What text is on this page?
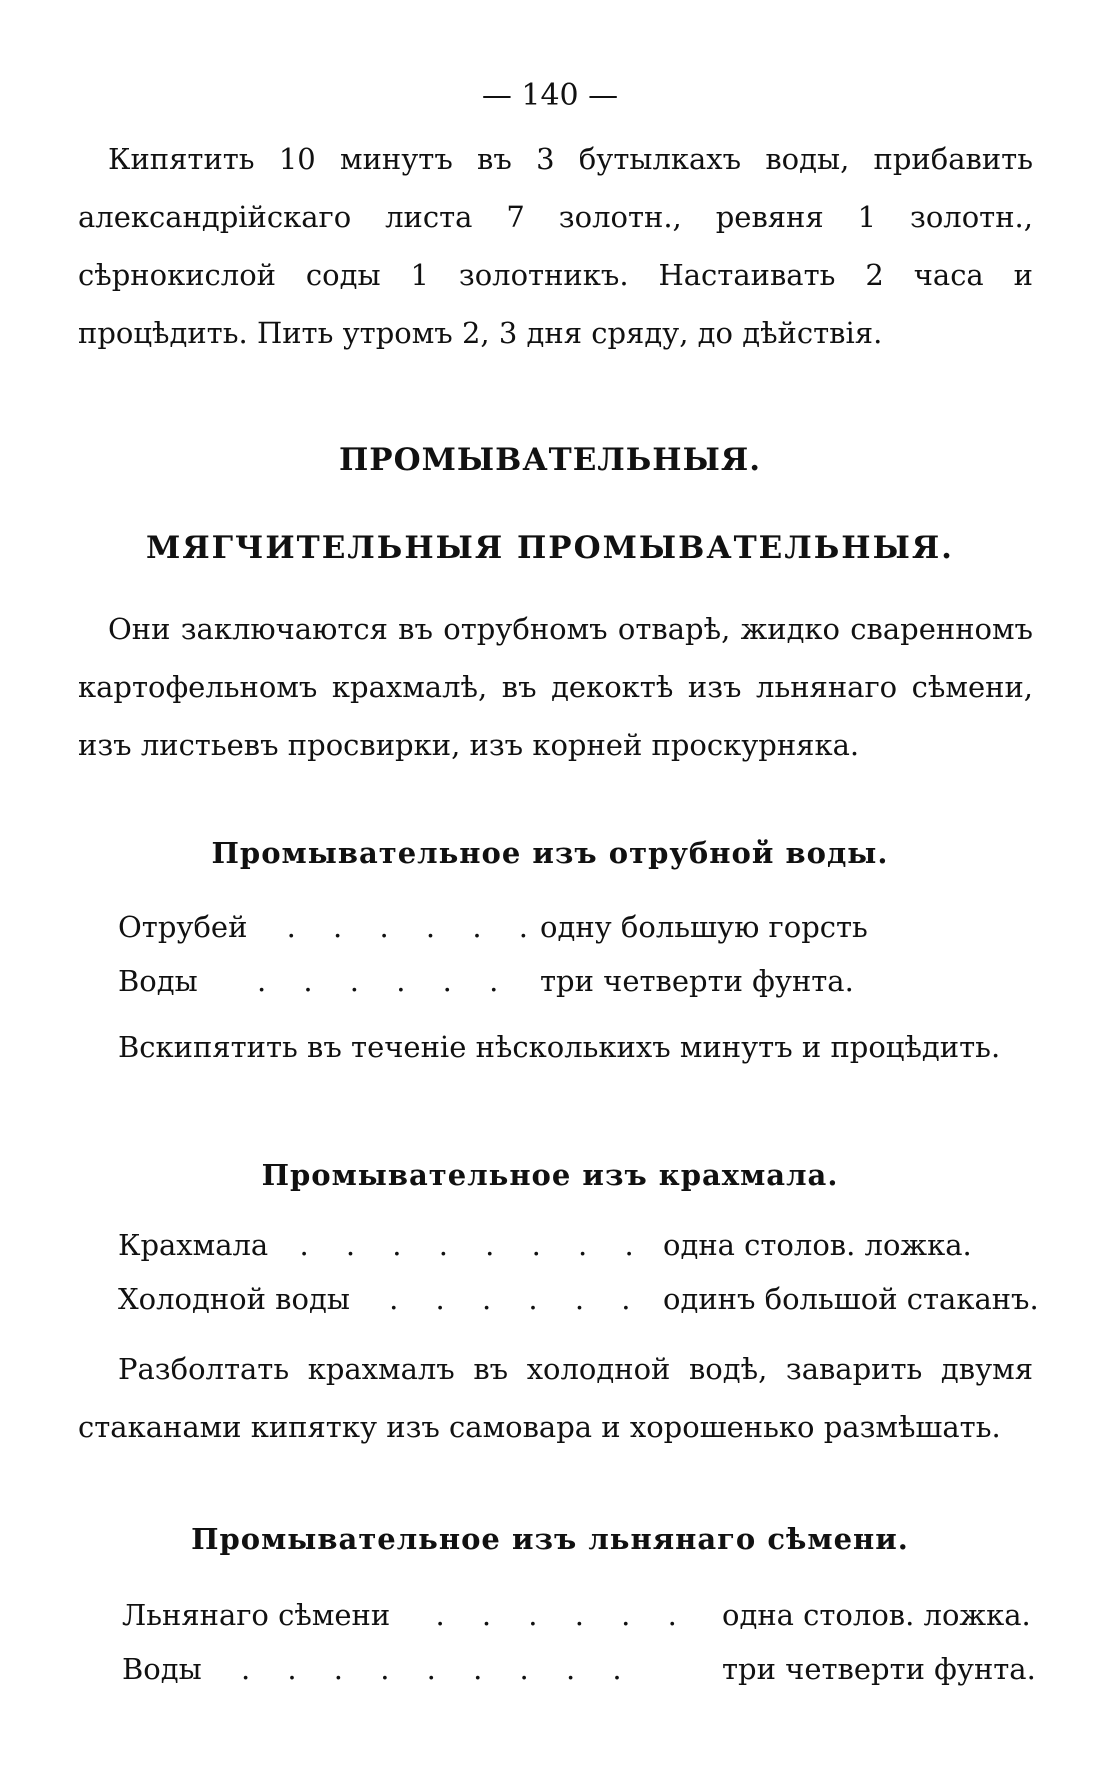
— 140 —

Кипятить 10 минутъ въ 3 бутылкахъ воды, прибавить александрійскаго листа 7 золотн., ревяня 1 золотн., сѣрнокислой соды 1 золотникъ. Настаивать 2 часа и процѣдить. Пить утромъ 2, 3 дня сряду, до дѣйствія.

ПРОМЫВАТЕЛЬНЫЯ.
МЯГЧИТЕЛЬНЫЯ ПРОМЫВАТЕЛЬНЫЯ.

Они заключаются въ отрубномъ отварѣ, жидко сваренномъ картофельномъ крахмалѣ, въ декоктѣ изъ льнянаго сѣмени, изъ листьевъ просвирки, изъ корней проскурняка.

Промывательное изъ отрубной воды.
Отрубей . . . . . .
одну большую горсть
Воды . . . . . . три четверти фунта.

Вскипятить въ теченіе нѣсколькихъ минутъ и процѣдить.

Промывательное изъ крахмала.
Крахмала . . . . . . . . одна столов. ложка.
Холодной воды . . . . . . одинъ большой стаканъ.

Разболтать крахмалъ въ холодной водѣ, заварить двумя стаканами кипятку изъ самовара и хорошенько размѣшать.

Промывательное изъ льнянаго сѣмени.
Льнянаго сѣмени . . . . . . одна столов. ложка.
Воды . . . . . . . . .	три четверти фунта.
